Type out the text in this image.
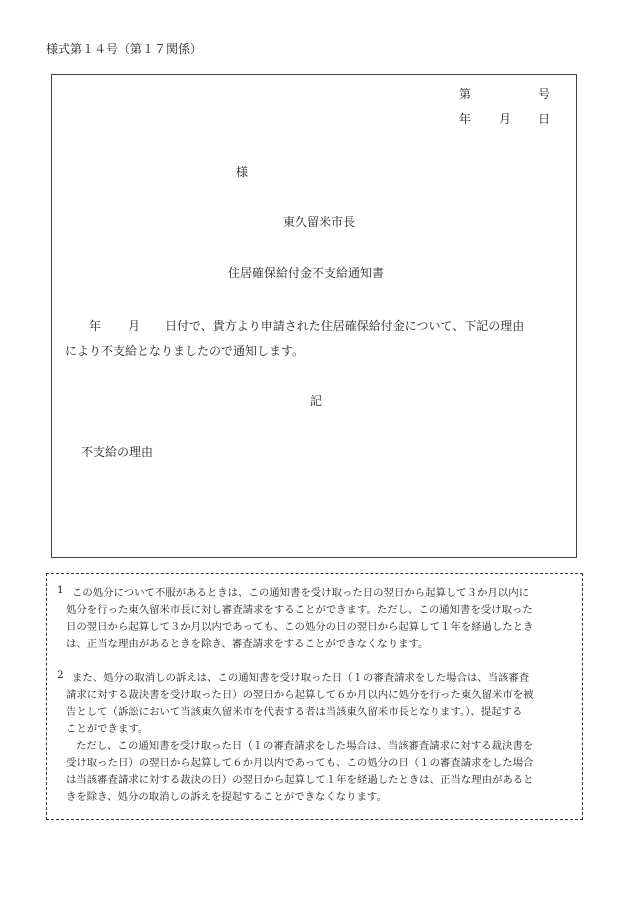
様式第１４号（第１７関係）
第	号
年 月 日
様
東久留米市長
住居確保給付金不支給通知書
年 月 日付で、貴方より申請された住居確保給付金について、下記の理由
により不支給となりましたので通知します。
記
不支給の理由
1 この処分について不服があるときは、この通知書を受け取った日の翌日から起算して３か月以内に
処分を行った東久留米市長に対し審査請求をすることができます。ただし、この通知書を受け取った
日の翌日から起算して３か月以内であっても、この処分の日の翌日から起算して１年を経過したとき
は、正当な理由があるときを除き、審査請求をすることができなくなります。
2 また、処分の取消しの訴えは、この通知書を受け取った日（１の審査請求をした場合は、当該審査
請求に対する裁決書を受け取った日）の翌日から起算して６か月以内に処分を行った東久留米市を被
告として（訴訟において当該東久留米市を代表する者は当該東久留米市長となります。）、提起する
ことができます。
ただし、この通知書を受け取った日（１の審査請求をした場合は、当該審査請求に対する裁決書を
受け取った日）の翌日から起算して６か月以内であっても、この処分の日（１の審査請求をした場合
は当該審査請求に対する裁決の日）の翌日から起算して１年を経過したときは、正当な理由があると
きを除き、処分の取消しの訴えを提起することができなくなります。
